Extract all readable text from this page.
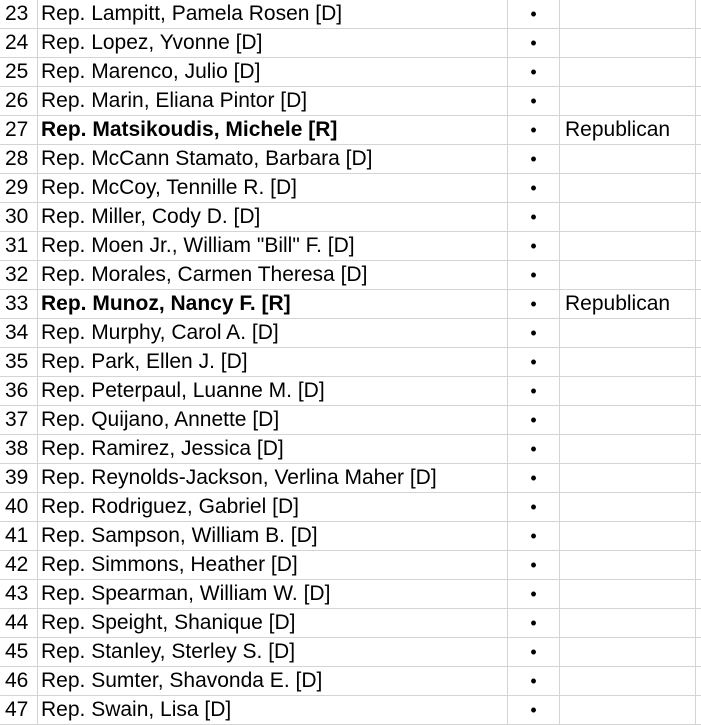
23 Rep. Lampitt, Pamela Rosen [D]	•
24 Rep. Lopez, Yvonne [D]	•
25 Rep. Marenco, Julio [D]	•
26 Rep. Marin, Eliana Pintor [D]	•
27 Rep. Matsikoudis, Michele [R]	•	Republican
28 Rep. McCann Stamato, Barbara [D]	•
29 Rep. McCoy, Tennille R. [D]	•
30 Rep. Miller, Cody D. [D]	•
31 Rep. Moen Jr., William "Bill" F. [D]	•
32 Rep. Morales, Carmen Theresa [D]	•
33 Rep. Munoz, Nancy F. [R]	•	Republican
34 Rep. Murphy, Carol A. [D]	•
35 Rep. Park, Ellen J. [D]	•
36 Rep. Peterpaul, Luanne M. [D]	•
37 Rep. Quijano, Annette [D]	•
38 Rep. Ramirez, Jessica [D]	•
39 Rep. Reynolds-Jackson, Verlina Maher [D]	•
40 Rep. Rodriguez, Gabriel [D]	•
41 Rep. Sampson, William B. [D]	•
42 Rep. Simmons, Heather [D]	•
43 Rep. Spearman, William W. [D]	•
44 Rep. Speight, Shanique [D]	•
45 Rep. Stanley, Sterley S. [D]	•
46 Rep. Sumter, Shavonda E. [D]	•
47 Rep. Swain, Lisa [D]	•
